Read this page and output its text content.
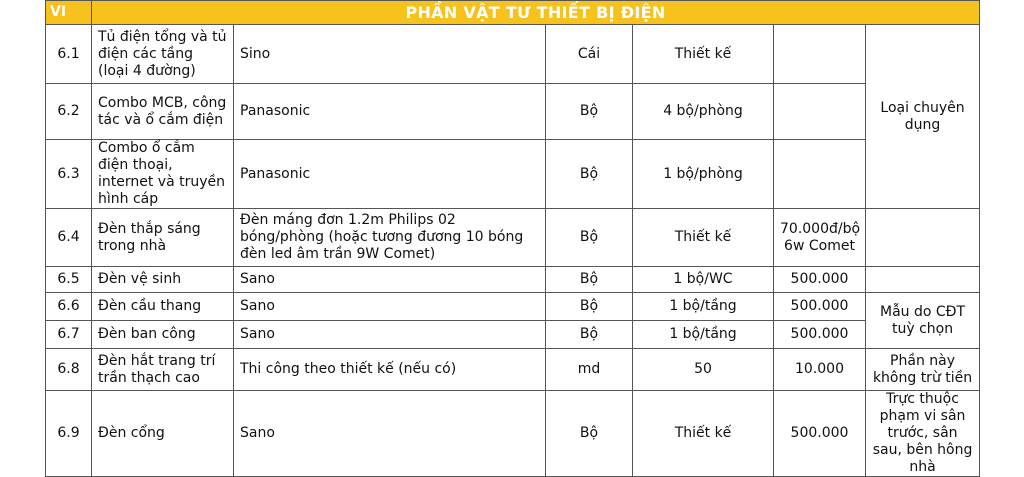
VI	PHẦN VẬT TƯ THIẾT BỊ ĐIỆN					
6.1	Tủ điện tổng và tủ điện các tầng (loại 4 đường)	Sino	Cái	Thiết kế		Loại chuyên dụng
6.2	Combo MCB, công tác và ổ cắm điện	Panasonic	Bộ	4 bộ/phòng		
6.3	Combo ổ cắm điện thoại, internet và truyền hình cáp	Panasonic	Bộ	1 bộ/phòng		
6.4	Đèn thắp sáng trong nhà	Đèn máng đơn 1.2m Philips 02 bóng/phòng (hoặc tương đương 10 bóng đèn led âm trần 9W Comet)	Bộ	Thiết kế	70.000đ/bộ 6w Comet	
6.5	Đèn vệ sinh	Sano	Bộ	1 bộ/WC	500.000	
6.6	Đèn cầu thang	Sano	Bộ	1 bộ/tầng	500.000	Mẫu do CĐT tuỳ chọn
6.7	Đèn ban công	Sano	Bộ	1 bộ/tầng	500.000	
6.8	Đèn hắt trang trí trần thạch cao	Thi công theo thiết kế (nếu có)	md	50	10.000	Phần này không trừ tiền
6.9	Đèn cổng	Sano	Bộ	Thiết kế	500.000	Trực thuộc phạm vi sân trước, sân sau, bên hông nhà
